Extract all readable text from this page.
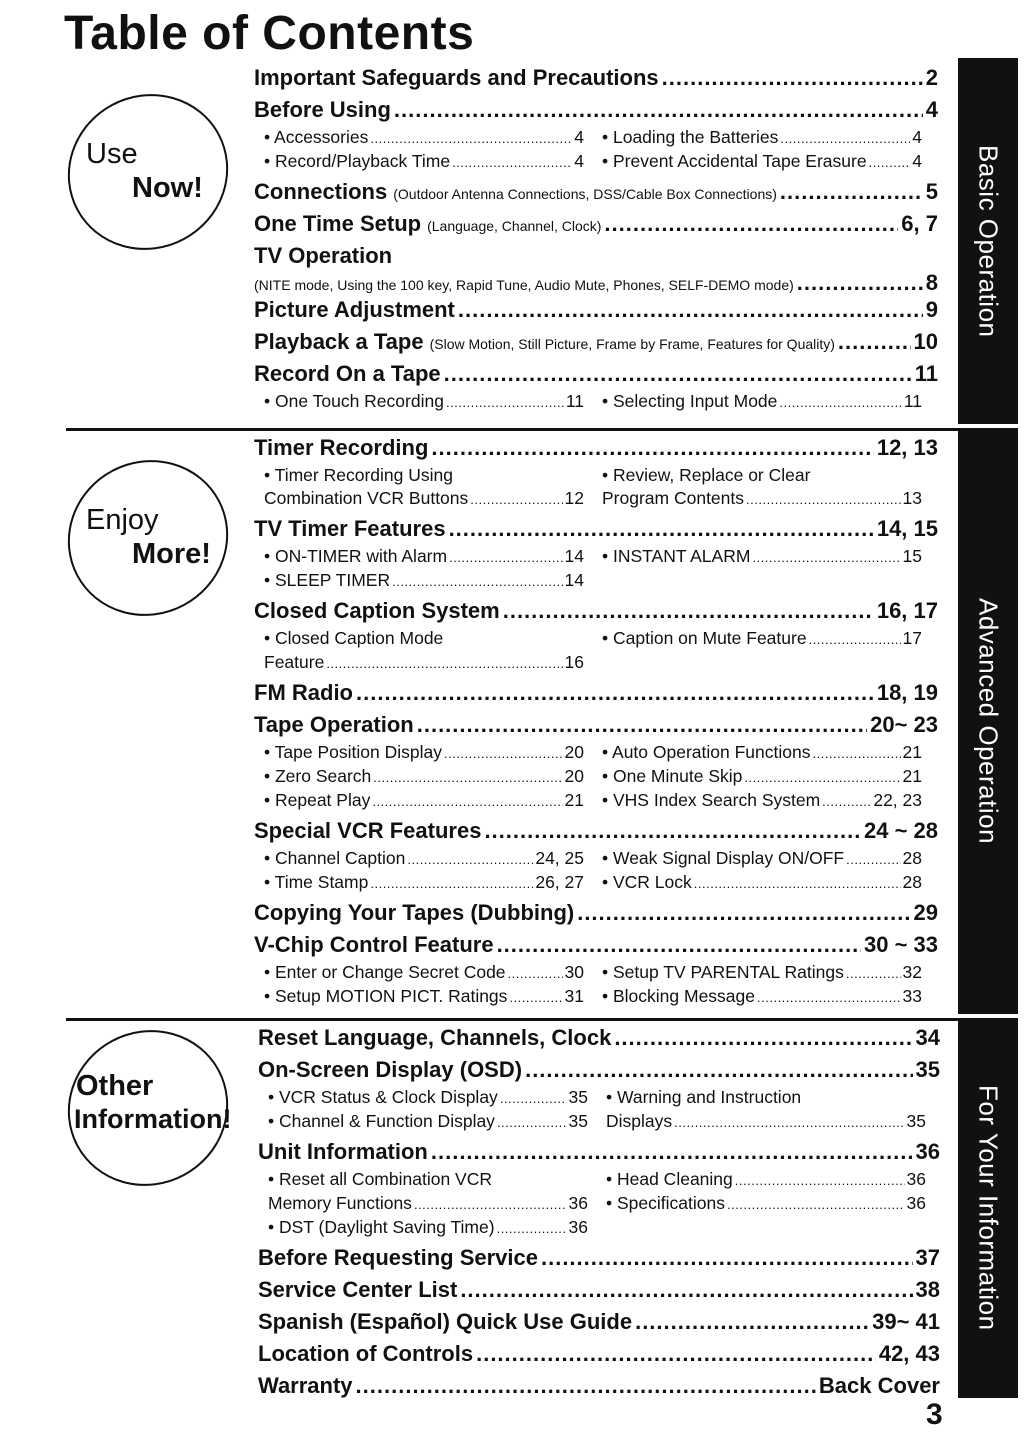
Table of Contents
Basic Operation
Use
Now!
Important Safeguards and Precautions .....	2
Before Using .....	4
• Accessories .....	4 • Loading the Batteries .....	4
• Record/Playback Time .....	4 • Prevent Accidental Tape Erasure .....	4
Connections (Outdoor Antenna Connections, DSS/Cable Box Connections) .....	5
One Time Setup (Language, Channel, Clock) .....	6, 7
TV Operation
(NITE mode, Using the 100 key, Rapid Tune, Audio Mute, Phones, SELF-DEMO mode) .....	8
Picture Adjustment .....	9
Playback a Tape (Slow Motion, Still Picture, Frame by Frame, Features for Quality) .....	10
Record On a Tape .....	11
• One Touch Recording .....	11 • Selecting Input Mode .....	11
Advanced Operation
Enjoy
More!
Timer Recording .....	12, 13
• Timer Recording Using	• Review, Replace or Clear
Combination VCR Buttons .....	12 Program Contents .....	13
TV Timer Features .....	14, 15
• ON-TIMER with Alarm .....	14 • INSTANT ALARM .....	15
• SLEEP TIMER .....	14
Closed Caption System .....	16, 17
• Closed Caption Mode	• Caption on Mute Feature .....	17
Feature .....	16
FM Radio .....	18, 19
Tape Operation .....	20~ 23
• Tape Position Display .....	20 • Auto Operation Functions .....	21
• Zero Search .....	20 • One Minute Skip .....	21
• Repeat Play .....	21 • VHS Index Search System .....	22, 23
Special VCR Features .....	24 ~ 28
• Channel Caption .....	24, 25 • Weak Signal Display ON/OFF .....	28
• Time Stamp .....	26, 27 • VCR Lock .....	28
Copying Your Tapes (Dubbing) .....	29
V-Chip Control Feature .....	30 ~ 33
• Enter or Change Secret Code .....	30 • Setup TV PARENTAL Ratings .....	32
• Setup MOTION PICT. Ratings .....	31 • Blocking Message .....	33
For Your Information
Other
Information!
Reset Language, Channels, Clock .....	34
On-Screen Display (OSD) .....	35
• VCR Status & Clock Display .....	35 • Warning and Instruction
• Channel & Function Display .....	35 Displays .....	35
Unit Information .....	36
• Reset all Combination VCR	• Head Cleaning .....	36
Memory Functions .....	36 • Specifications .....	36
• DST (Daylight Saving Time) .....	36
Before Requesting Service .....	37
Service Center List .....	38
Spanish (Español) Quick Use Guide .....	39~ 41
Location of Controls .....	42, 43
Warranty .....	Back Cover
3
